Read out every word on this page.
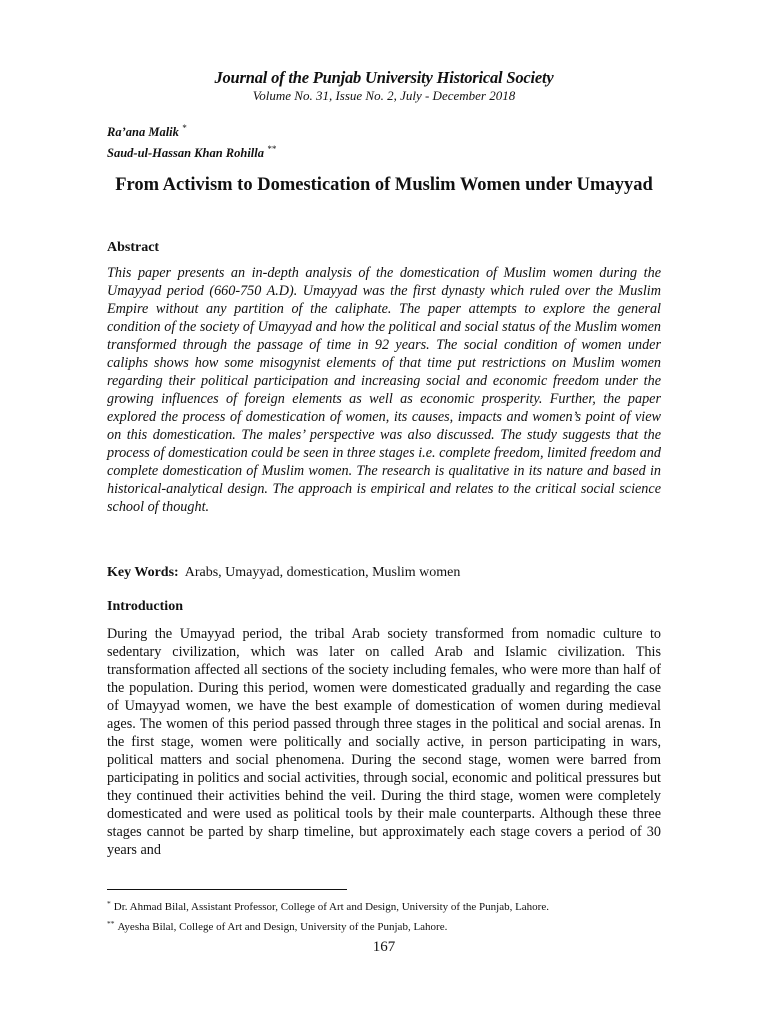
Journal of the Punjab University Historical Society
Volume No. 31, Issue No. 2, July - December 2018
Ra’ana Malik *
Saud-ul-Hassan Khan Rohilla **
From Activism to Domestication of Muslim Women under Umayyad
Abstract
This paper presents an in-depth analysis of the domestication of Muslim women during the Umayyad period (660-750 A.D). Umayyad was the first dynasty which ruled over the Muslim Empire without any partition of the caliphate. The paper attempts to explore the general condition of the society of Umayyad and how the political and social status of the Muslim women transformed through the passage of time in 92 years. The social condition of women under caliphs shows how some misogynist elements of that time put restrictions on Muslim women regarding their political participation and increasing social and economic freedom under the growing influences of foreign elements as well as economic prosperity. Further, the paper explored the process of domestication of women, its causes, impacts and women’s point of view on this domestication. The males’ perspective was also discussed. The study suggests that the process of domestication could be seen in three stages i.e. complete freedom, limited freedom and complete domestication of Muslim women. The research is qualitative in its nature and based in historical-analytical design. The approach is empirical and relates to the critical social science school of thought.
Key Words: Arabs, Umayyad, domestication, Muslim women
Introduction
During the Umayyad period, the tribal Arab society transformed from nomadic culture to sedentary civilization, which was later on called Arab and Islamic civilization. This transformation affected all sections of the society including females, who were more than half of the population. During this period, women were domesticated gradually and regarding the case of Umayyad women, we have the best example of domestication of women during medieval ages. The women of this period passed through three stages in the political and social arenas. In the first stage, women were politically and socially active, in person participating in wars, political matters and social phenomena. During the second stage, women were barred from participating in politics and social activities, through social, economic and political pressures but they continued their activities behind the veil. During the third stage, women were completely domesticated and were used as political tools by their male counterparts. Although these three stages cannot be parted by sharp timeline, but approximately each stage covers a period of 30 years and
* Dr. Ahmad Bilal, Assistant Professor, College of Art and Design, University of the Punjab, Lahore.
** Ayesha Bilal, College of Art and Design, University of the Punjab, Lahore.
167
